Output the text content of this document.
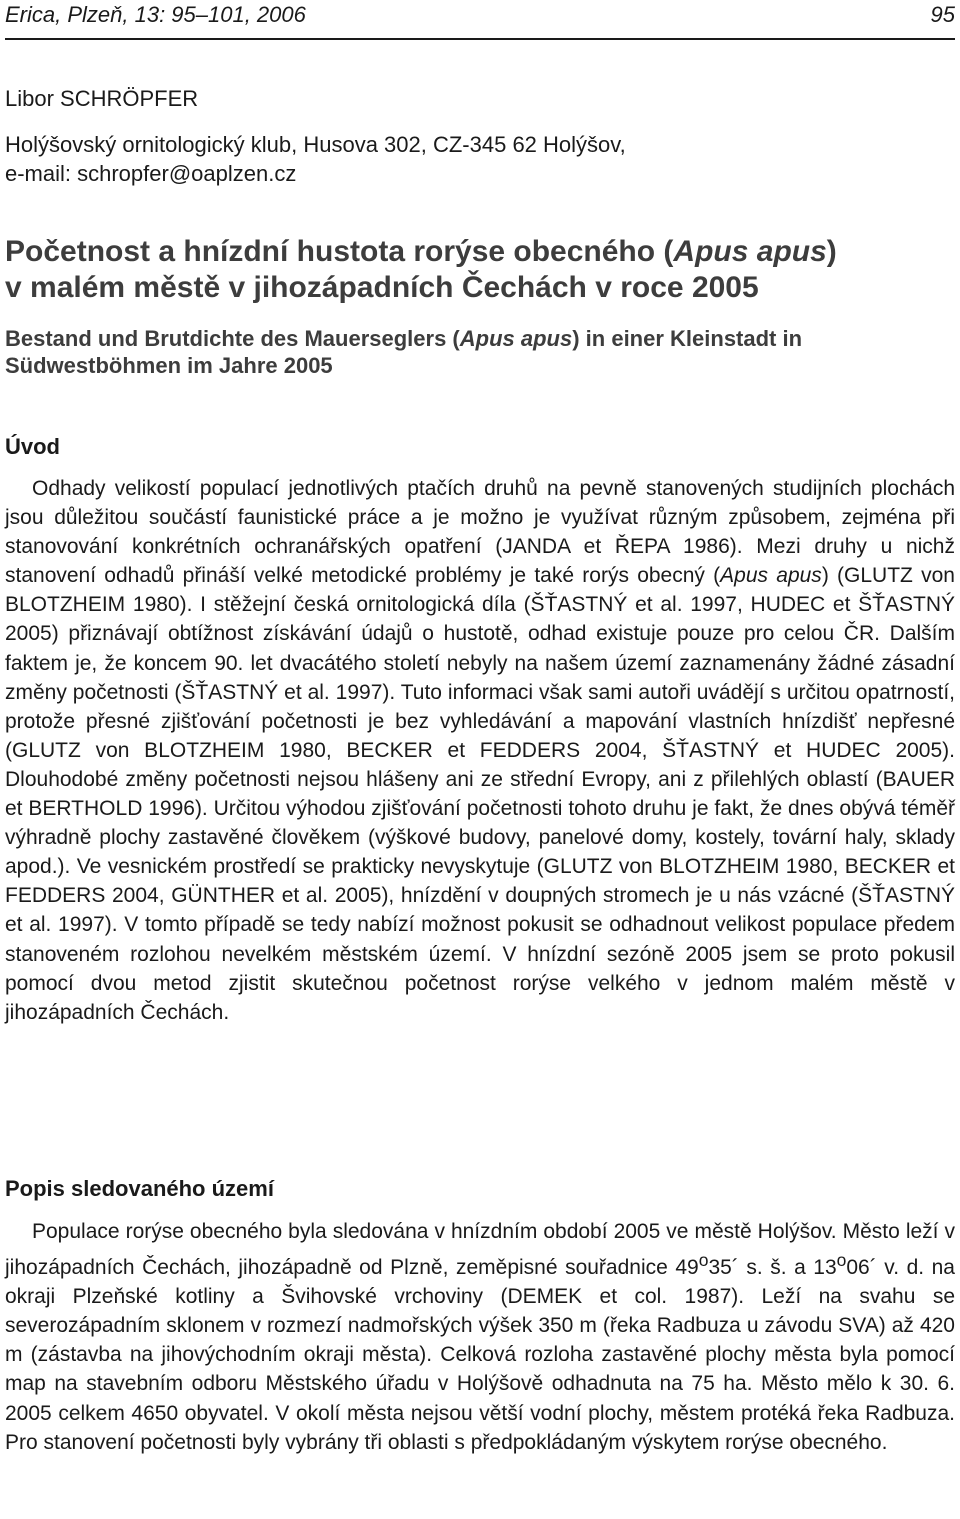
Erica, Plzeň, 13: 95–101, 2006	95
Libor SCHRÖPFER
Holýšovský ornitologický klub, Husova 302, CZ-345 62 Holýšov,
e-mail: schropfer@oaplzen.cz
Početnost a hnízdní hustota rorýse obecného (Apus apus)
v malém městě v jihozápadních Čechách v roce 2005
Bestand und Brutdichte des Mauerseglers (Apus apus) in einer Kleinstadt in Südwestböhmen im Jahre 2005
Úvod

Odhady velikostí populací jednotlivých ptačích druhů na pevně stanovených studijních plochách jsou důležitou součástí faunistické práce a je možno je využívat různým způsobem, zejména při stanovování konkrétních ochranářských opatření (JANDA et ŘEPA 1986). Mezi druhy u nichž stanovení odhadů přináší velké metodické problémy je také rorýs obecný (Apus apus) (GLUTZ von BLOTZHEIM 1980). I stěžejní česká ornitologická díla (ŠŤASTNÝ et al. 1997, HUDEC et ŠŤASTNÝ 2005) přiznávají obtížnost získávání údajů o hustotě, odhad existuje pouze pro celou ČR. Dalším faktem je, že koncem 90. let dvacátého století nebyly na našem území zaznamenány žádné zásadní změny početnosti (ŠŤASTNÝ et al. 1997). Tuto informaci však sami autoři uvádějí s určitou opatrností, protože přesné zjišťování početnosti je bez vyhledávání a mapování vlastních hnízdišť nepřesné (GLUTZ von BLOTZHEIM 1980, BECKER et FEDDERS 2004, ŠŤASTNÝ et HUDEC 2005). Dlouhodobé změny početnosti nejsou hlášeny ani ze střední Evropy, ani z přilehlých oblastí (BAUER et BERTHOLD 1996). Určitou výhodou zjišťování početnosti tohoto druhu je fakt, že dnes obývá téměř výhradně plochy zastavěné člověkem (výškové budovy, panelové domy, kostely, tovární haly, sklady apod.). Ve vesnickém prostředí se prakticky nevyskytuje (GLUTZ von BLOTZHEIM 1980, BECKER et FEDDERS 2004, GÜNTHER et al. 2005), hnízdění v doupných stromech je u nás vzácné (ŠŤASTNÝ et al. 1997). V tomto případě se tedy nabízí možnost pokusit se odhadnout velikost populace předem stanoveném rozlohou nevelkém městském území. V hnízdní sezóně 2005 jsem se proto pokusil pomocí dvou metod zjistit skutečnou početnost rorýse velkého v jednom malém městě v jihozápadních Čechách.

Popis sledovaného území

Populace rorýse obecného byla sledována v hnízdním období 2005 ve městě Holýšov. Město leží v jihozápadních Čechách, jihozápadně od Plzně, zeměpisné souřadnice 49$^o$35´ s. š. a 13$^o$06´ v. d. na okraji Plzeňské kotliny a Švihovské vrchoviny (DEMEK et col. 1987). Leží na svahu se severozápadním sklonem v rozmezí nadmořských výšek 350 m (řeka Radbuza u závodu SVA) až 420 m (zástavba na jihovýchodním okraji města). Celková rozloha zastavěné plochy města byla pomocí map na stavebním odboru Městského úřadu v Holýšově odhadnuta na 75 ha. Město mělo k 30. 6. 2005 celkem 4650 obyvatel. V okolí města nejsou větší vodní plochy, městem protéká řeka Radbuza. Pro stanovení početnosti byly vybrány tři oblasti s předpokládaným výskytem rorýse obecného.
